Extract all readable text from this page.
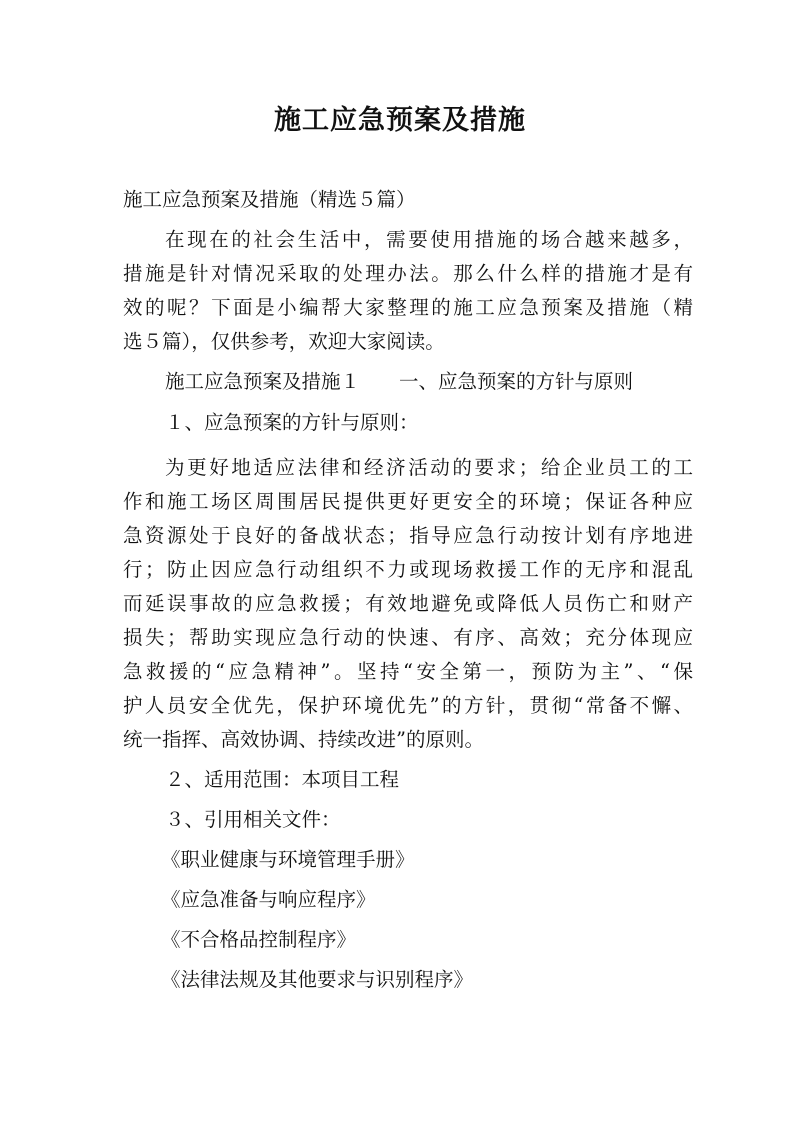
施工应急预案及措施
施工应急预案及措施（精选５篇）
在现在的社会生活中，需要使用措施的场合越来越多，
措施是针对情况采取的处理办法。那么什么样的措施才是有
效的呢？下面是小编帮大家整理的施工应急预案及措施（精
选５篇），仅供参考，欢迎大家阅读。
施工应急预案及措施１　　一、应急预案的方针与原则
１、应急预案的方针与原则：
为更好地适应法律和经济活动的要求；给企业员工的工
作和施工场区周围居民提供更好更安全的环境；保证各种应
急资源处于良好的备战状态；指导应急行动按计划有序地进
行；防止因应急行动组织不力或现场救援工作的无序和混乱
而延误事故的应急救援；有效地避免或降低人员伤亡和财产
损失；帮助实现应急行动的快速、有序、高效；充分体现应
急救援的“应急精神”。坚持“安全第一，预防为主”、“保
护人员安全优先，保护环境优先”的方针，贯彻“常备不懈、
统一指挥、高效协调、持续改进”的原则。
２、适用范围：本项目工程
３、引用相关文件：
《职业健康与环境管理手册》
《应急准备与响应程序》
《不合格品控制程序》
《法律法规及其他要求与识别程序》
